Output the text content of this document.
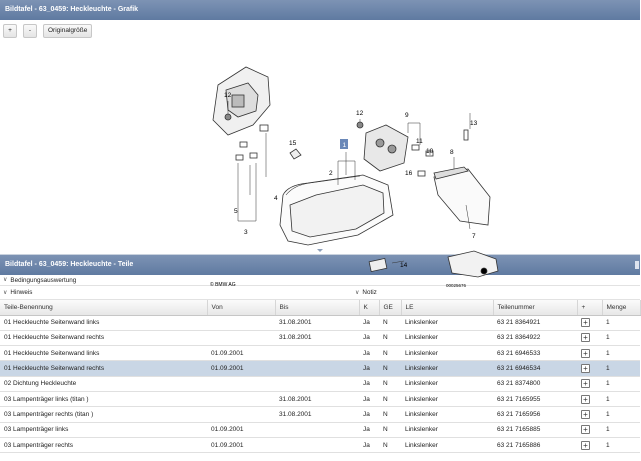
Bildtafel - 63_0459: Heckleuchte - Grafik
+	-	Originalgröße
12
15
4
5
3
1
2
12	9
11
10	8
16
13
7
14
© BMW AG	00025676
Bildtafel - 63_0459: Heckleuchte - Teile
∨ Bedingungsauswertung
∨ Hinweis	∨ Notiz
Teile-Benennung	Von	Bis	K	GE	LE	Teilenummer	+	Menge
01 Heckleuchte Seitenwand links		31.08.2001	Ja	N	Linkslenker	63 21 8364921	+	1
01 Heckleuchte Seitenwand rechts		31.08.2001	Ja	N	Linkslenker	63 21 8364922	+	1
01 Heckleuchte Seitenwand links	01.09.2001		Ja	N	Linkslenker	63 21 6946533	+	1
01 Heckleuchte Seitenwand rechts	01.09.2001		Ja	N	Linkslenker	63 21 6946534	+	1
02 Dichtung Heckleuchte			Ja	N	Linkslenker	63 21 8374800	+	1
03 Lampenträger links (titan )		31.08.2001	Ja	N	Linkslenker	63 21 7165955	+	1
03 Lampenträger rechts (titan )		31.08.2001	Ja	N	Linkslenker	63 21 7165956	+	1
03 Lampenträger links	01.09.2001		Ja	N	Linkslenker	63 21 7165885	+	1
03 Lampenträger rechts	01.09.2001		Ja	N	Linkslenker	63 21 7165886	+	1
